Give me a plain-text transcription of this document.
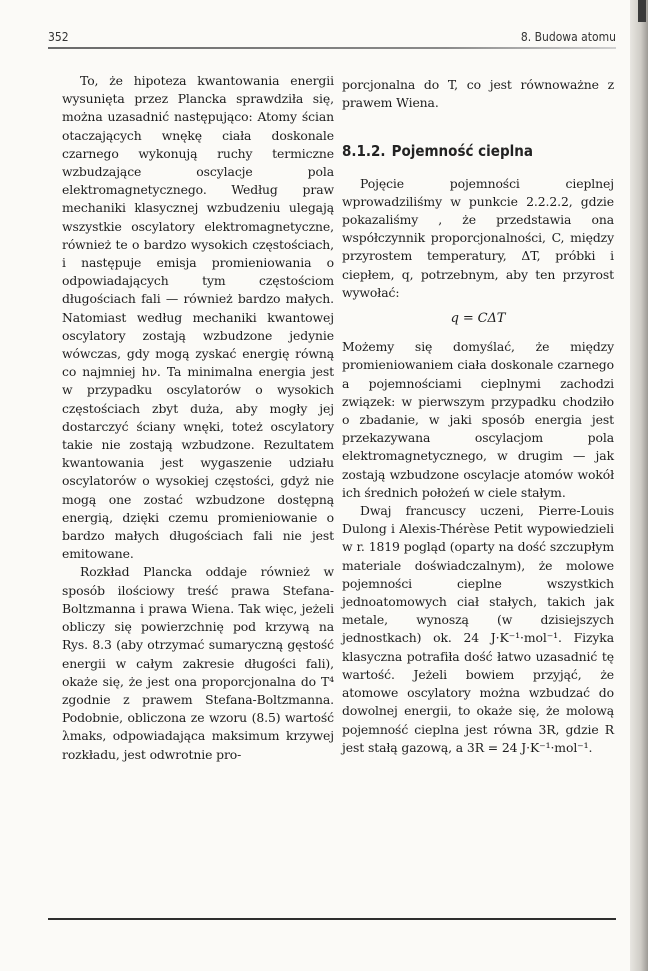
352	8. Budowa atomu

To, że hipoteza kwantowania energii wysunięta przez Plancka sprawdziła się, można uzasadnić następująco: Atomy ścian otaczających wnękę ciała doskonale czarnego wykonują ruchy termiczne wzbudzające oscylacje pola elektromagnetycznego. Według praw mechaniki klasycznej wzbudzeniu ulegają wszystkie oscylatory elektromagnetyczne, również te o bardzo wysokich częstościach, i następuje emisja promieniowania o odpowiadających tym częstościom długościach fali — również bardzo małych. Natomiast według mechaniki kwantowej oscylatory zostają wzbudzone jedynie wówczas, gdy mogą zyskać energię równą co najmniej hν. Ta minimalna energia jest w przypadku oscylatorów o wysokich częstościach zbyt duża, aby mogły jej dostarczyć ściany wnęki, toteż oscylatory takie nie zostają wzbudzone. Rezultatem kwantowania jest wygaszenie udziału oscylatorów o wysokiej częstości, gdyż nie mogą one zostać wzbudzone dostępną energią, dzięki czemu promieniowanie o bardzo małych długościach fali nie jest emitowane.

Rozkład Plancka oddaje również w sposób ilościowy treść prawa Stefana-Boltzmanna i prawa Wiena. Tak więc, jeżeli obliczy się powierzchnię pod krzywą na Rys. 8.3 (aby otrzymać sumaryczną gęstość energii w całym zakresie długości fali), okaże się, że jest ona proporcjonalna do T⁴ zgodnie z prawem Stefana-Boltzmanna. Podobnie, obliczona ze wzoru (8.5) wartość λmaks, odpowiadająca maksimum krzywej rozkładu, jest odwrotnie pro-

porcjonalna do T, co jest równoważne z prawem Wiena.

8.1.2. Pojemność cieplna

Pojęcie pojemności cieplnej wprowadziliśmy w punkcie 2.2.2.2, gdzie pokazaliśmy , że przedstawia ona współczynnik proporcjonalności, C, między przyrostem temperatury, ΔT, próbki i ciepłem, q, potrzebnym, aby ten przyrost wywołać:

q = CΔT

Możemy się domyślać, że między promieniowaniem ciała doskonale czarnego a pojemnościami cieplnymi zachodzi związek: w pierwszym przypadku chodziło o zbadanie, w jaki sposób energia jest przekazywana oscylacjom pola elektromagnetycznego, w drugim — jak zostają wzbudzone oscylacje atomów wokół ich średnich położeń w ciele stałym.

Dwaj francuscy uczeni, Pierre-Louis Dulong i Alexis-Thérèse Petit wypowiedzieli w r. 1819 pogląd (oparty na dość szczupłym materiale doświadczalnym), że molowe pojemności cieplne wszystkich jednoatomowych ciał stałych, takich jak metale, wynoszą (w dzisiejszych jednostkach) ok. 24 J·K⁻¹·mol⁻¹. Fizyka klasyczna potrafiła dość łatwo uzasadnić tę wartość. Jeżeli bowiem przyjąć, że atomowe oscylatory można wzbudzać do dowolnej energii, to okaże się, że molową pojemność cieplna jest równa 3R, gdzie R jest stałą gazową, a 3R = 24 J·K⁻¹·mol⁻¹.
